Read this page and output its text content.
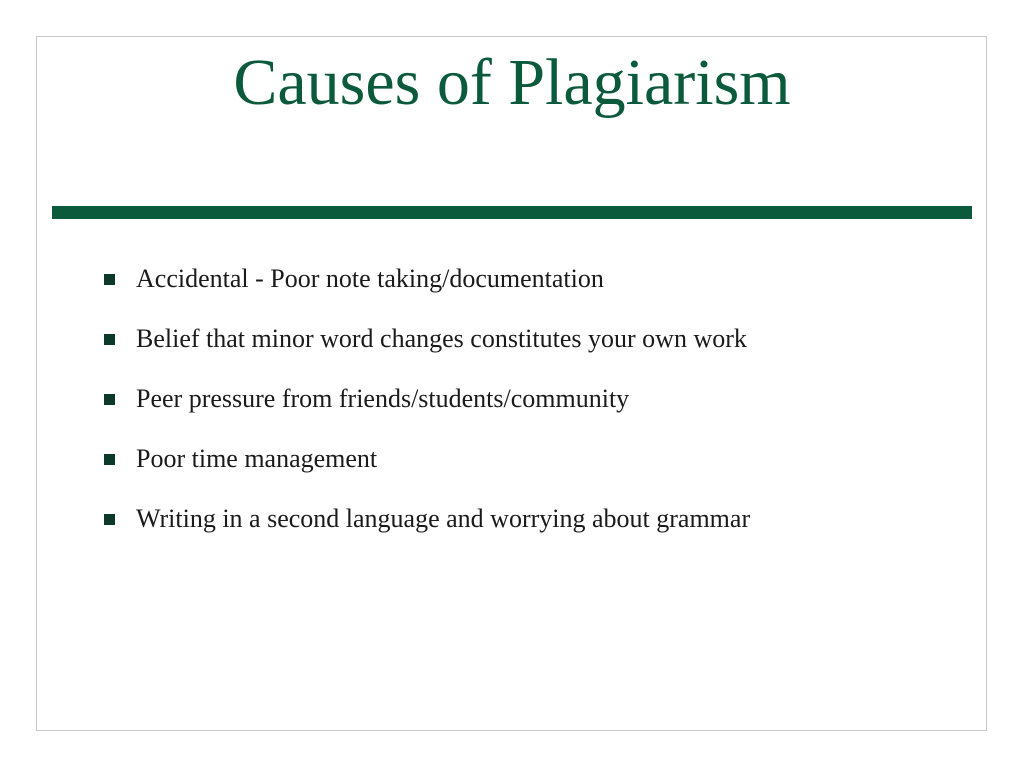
Causes of Plagiarism
Accidental - Poor note taking/documentation
Belief that minor word changes constitutes your own work
Peer pressure from friends/students/community
Poor time management
Writing in a second language and worrying about grammar
